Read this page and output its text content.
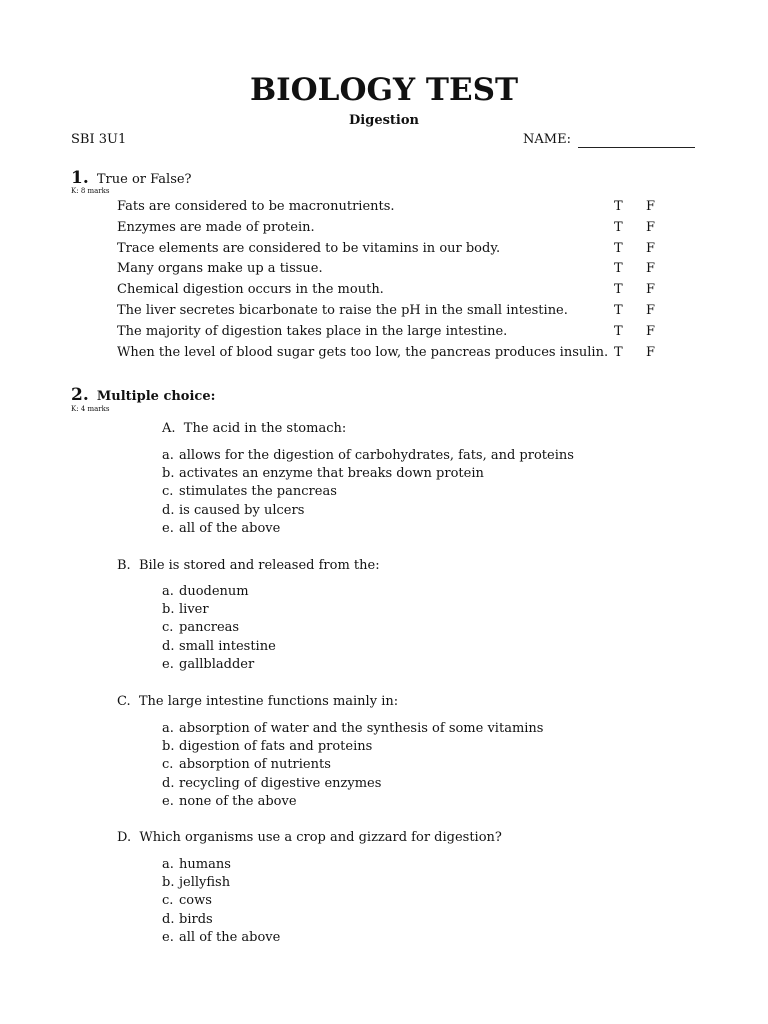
BIOLOGY TEST
Digestion
SBI 3U1	NAME:
1. True or False?
K: 8 marks
Fats are considered to be macronutrients.	T F
Enzymes are made of protein.	T F
Trace elements are considered to be vitamins in our body.	T F
Many organs make up a tissue.	T F
Chemical digestion occurs in the mouth.	T F
The liver secretes bicarbonate to raise the pH in the small intestine.	T F
The majority of digestion takes place in the large intestine.	T F
When the level of blood sugar gets too low, the pancreas produces insulin. T F
2. Multiple choice:
K: 4 marks
A. The acid in the stomach:
a. allows for the digestion of carbohydrates, fats, and proteins
b. activates an enzyme that breaks down protein
c. stimulates the pancreas
d. is caused by ulcers
e. all of the above
B. Bile is stored and released from the:
a. duodenum
b. liver
c. pancreas
d. small intestine
e. gallbladder
C. The large intestine functions mainly in:
a. absorption of water and the synthesis of some vitamins
b. digestion of fats and proteins
c. absorption of nutrients
d. recycling of digestive enzymes
e. none of the above
D. Which organisms use a crop and gizzard for digestion?
a. humans
b. jellyfish
c. cows
d. birds
e. all of the above
